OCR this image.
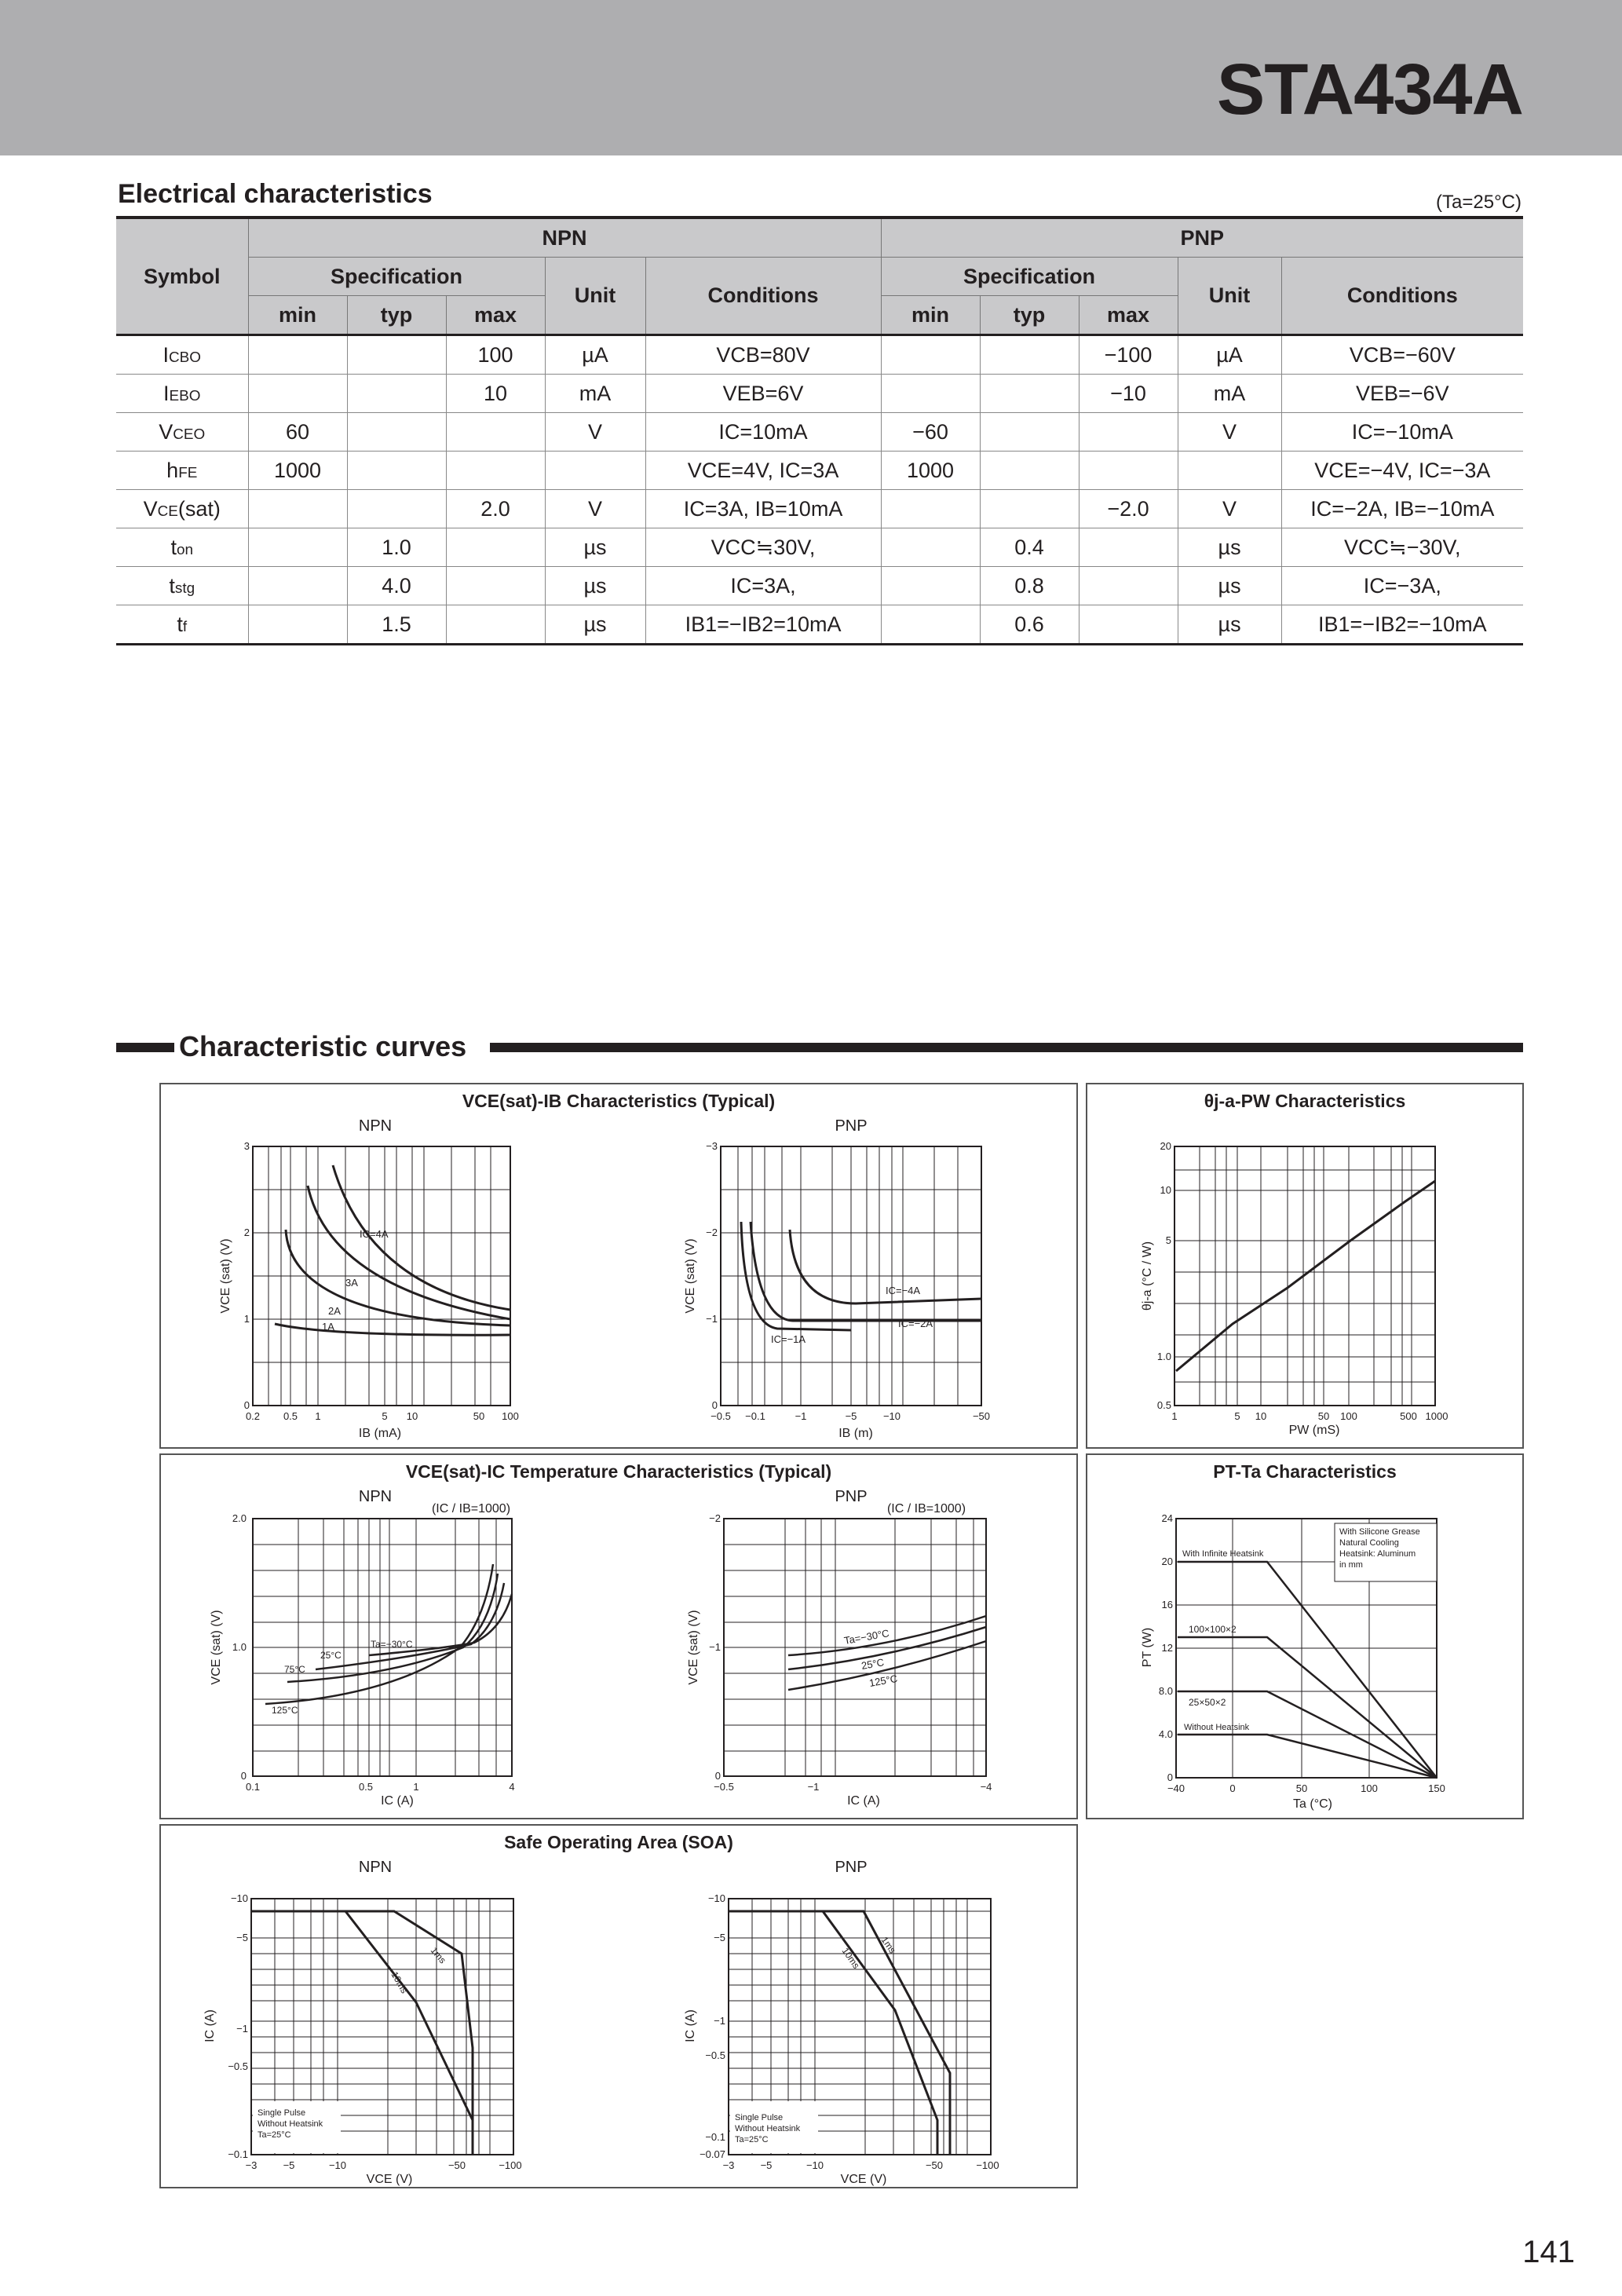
STA434A
Electrical characteristics	(Ta=25°C)
Symbol	NPN					PNP				
	Specification			Unit	Conditions	Specification			Unit	Conditions
	min	typ	max			min	typ	max		
ICBO			100	µA	VCB=80V			−100	µA	VCB=−60V
IEBO			10	mA	VEB=6V			−10	mA	VEB=−6V
VCEO	60			V	IC=10mA	−60			V	IC=−10mA
hFE	1000				VCE=4V, IC=3A	1000				VCE=−4V, IC=−3A
VCE(sat)			2.0	V	IC=3A, IB=10mA			−2.0	V	IC=−2A, IB=−10mA
ton		1.0		µs	VCC≒30V,		0.4		µs	VCC≒−30V,
tstg		4.0		µs	IC=3A,		0.8		µs	IC=−3A,
tf		1.5		µs	IB1=−IB2=10mA		0.6		µs	IB1=−IB2=−10mA
Characteristic curves
VCE(sat)-IB Characteristics (Typical)	θj-a-PW Characteristics
VCE(sat)-IC Temperature Characteristics (Typical)	PT-Ta Characteristics
Safe Operating Area (SOA)
NPN
IC=4A
3A
2A
1A
3
2
1
0
0.2 0.5 1	5 10	50 100
IB (mA)
VCE (sat) (V)
PNP
IC=−4A
IC=−2A
IC=−1A
−3
−2
−1
0
−0.5 −0.1	−1	−5	−10	−50
IB (m)
VCE (sat) (V)
20
10
5
1.0
0.5
1	5 10	50 100	500 1000
PW (mS)
θj-a (°C / W)
NPN
(IC / IB=1000)
Ta=−30°C
25°C
75°C
125°C
2.0
1.0
0
0.1	0.5	1	4
IC (A)
VCE (sat) (V)
PNP
(IC / IB=1000)
Ta=−30°C
25°C
125°C
−2
−1
0
−0.5	−1	−4
IC (A)
VCE (sat) (V)
With Infinite Heatsink
100×100×2
25×50×2
Without Heatsink
With Silicone Grease
Natural Cooling
Heatsink: Aluminum
in mm
24
20
16
12
8.0
4.0
0
−40	0	50	100	150
Ta (°C)
PT (W)
NPN
1ms
10ms
Single Pulse
Without Heatsink
Ta=25°C
−10
−5
−1
−0.5
−0.1
−3	−5	−10	−50	−100
VCE (V)
IC (A)
PNP
1ms
10ms
Single Pulse
Without Heatsink
Ta=25°C
−10
−5
−1
−0.5
−0.1
−0.07
−3	−5	−10	−50	−100
VCE (V)
IC (A)
141
